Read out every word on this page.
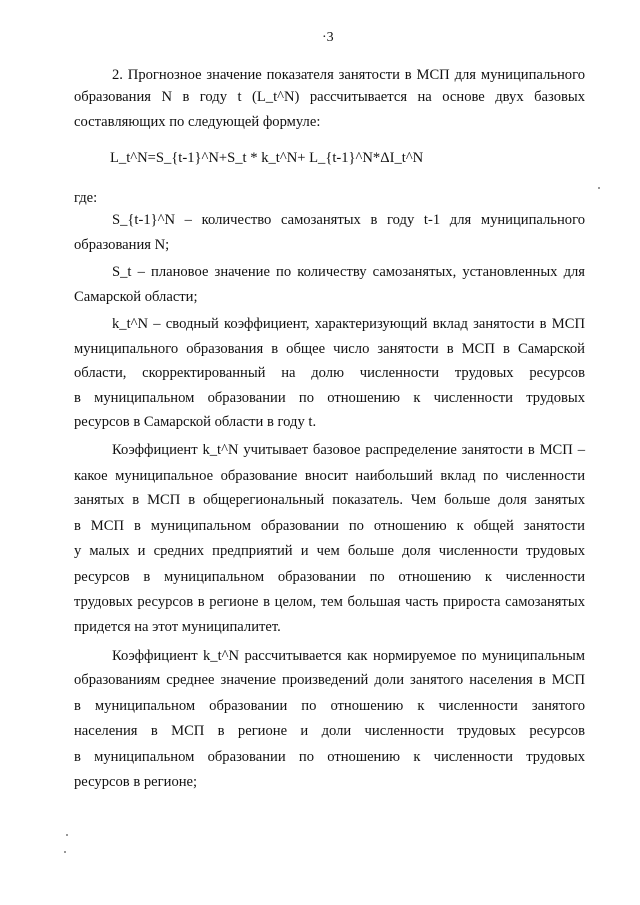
·3
2. Прогнозное значение показателя занятости в МСП для муниципального
образования N в году t (L_t^N) рассчитывается на основе двух базовых
составляющих по следующей формуле:
L_t^N=S_{t-1}^N+S_t * k_t^N+ L_{t-1}^N*ΔI_t^N
где:
S_{t-1}^N – количество самозанятых в году t-1 для муниципального
образования N;
S_t – плановое значение по количеству самозанятых, установленных для
Самарской области;
k_t^N – сводный коэффициент, характеризующий вклад занятости в МСП
муниципального образования в общее число занятости в МСП в Самарской
области, скорректированный на долю численности трудовых ресурсов
в муниципальном образовании по отношению к численности трудовых
ресурсов в Самарской области в году t.
Коэффициент k_t^N учитывает базовое распределение занятости в МСП –
какое муниципальное образование вносит наибольший вклад по численности
занятых в МСП в общерегиональный показатель. Чем больше доля занятых
в МСП в муниципальном образовании по отношению к общей занятости
у малых и средних предприятий и чем больше доля численности трудовых
ресурсов в муниципальном образовании по отношению к численности
трудовых ресурсов в регионе в целом, тем большая часть прироста самозанятых
придется на этот муниципалитет.
Коэффициент k_t^N рассчитывается как нормируемое по муниципальным
образованиям среднее значение произведений доли занятого населения в МСП
в муниципальном образовании по отношению к численности занятого
населения в МСП в регионе и доли численности трудовых ресурсов
в муниципальном образовании по отношению к численности трудовых
ресурсов в регионе;
